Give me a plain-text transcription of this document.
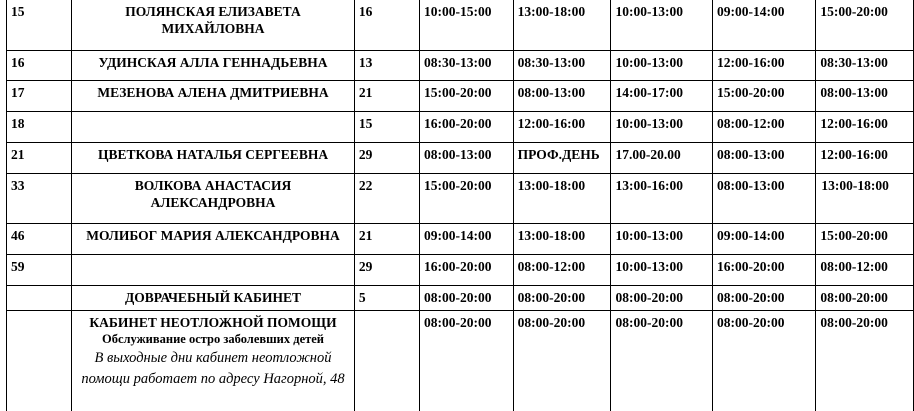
15	ПОЛЯНСКАЯ ЕЛИЗАВЕТА МИХАЙЛОВНА	16	10:00-15:00	13:00-18:00	10:00-13:00	09:00-14:00	15:00-20:00
16	УДИНСКАЯ АЛЛА ГЕННАДЬЕВНА	13	08:30-13:00	08:30-13:00	10:00-13:00	12:00-16:00	08:30-13:00
17	МЕЗЕНОВА АЛЕНА ДМИТРИЕВНА	21	15:00-20:00	08:00-13:00	14:00-17:00	15:00-20:00	08:00-13:00
18		15	16:00-20:00	12:00-16:00	10:00-13:00	08:00-12:00	12:00-16:00
21	ЦВЕТКОВА НАТАЛЬЯ СЕРГЕЕВНА	29	08:00-13:00	ПРОФ.ДЕНЬ	17.00-20.00	08:00-13:00	12:00-16:00
33	ВОЛКОВА АНАСТАСИЯ АЛЕКСАНДРОВНА	22	15:00-20:00	13:00-18:00	13:00-16:00	08:00-13:00	13:00-18:00
46	МОЛИБОГ МАРИЯ АЛЕКСАНДРОВНА	21	09:00-14:00	13:00-18:00	10:00-13:00	09:00-14:00	15:00-20:00
59		29	16:00-20:00	08:00-12:00	10:00-13:00	16:00-20:00	08:00-12:00
	ДОВРАЧЕБНЫЙ КАБИНЕТ	5	08:00-20:00	08:00-20:00	08:00-20:00	08:00-20:00	08:00-20:00
	КАБИНЕТ НЕОТЛОЖНОЙ ПОМОЩИ
Обслуживание остро заболевших детей
В выходные дни кабинет неотложной помощи работает по адресу Нагорной, 48		08:00-20:00	08:00-20:00	08:00-20:00	08:00-20:00	08:00-20:00
